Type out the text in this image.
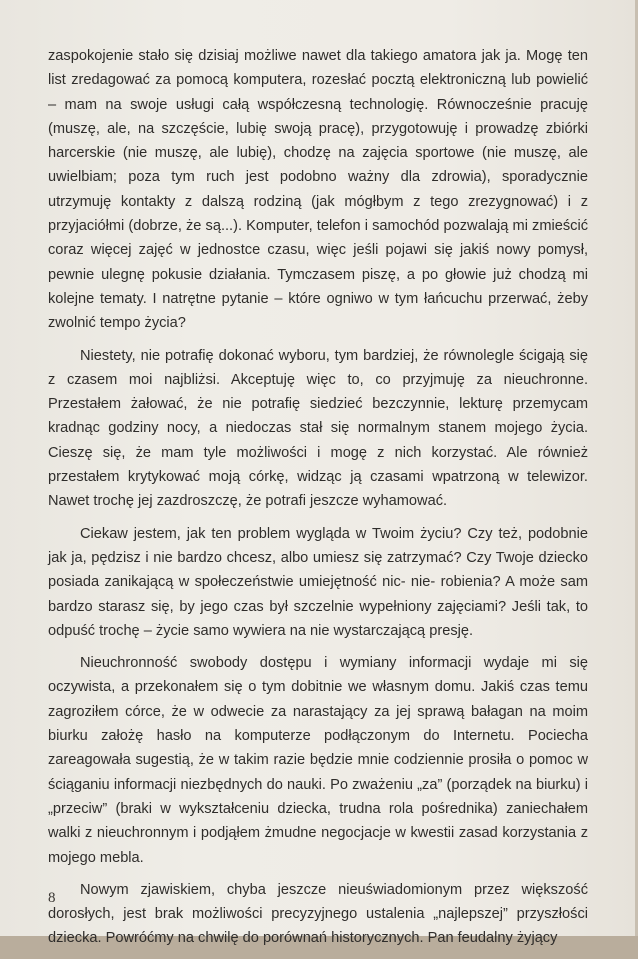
zaspokojenie stało się dzisiaj możliwe nawet dla takiego amatora jak ja. Mogę ten list zredagować za pomocą komputera, rozesłać pocztą elektroniczną lub powielić – mam na swoje usługi całą współczesną technologię. Równocześnie pracuję (muszę, ale, na szczęście, lubię swoją pracę), przygotowuję i prowadzę zbiórki harcerskie (nie muszę, ale lubię), chodzę na zajęcia sportowe (nie muszę, ale uwielbiam; poza tym ruch jest podobno ważny dla zdrowia), sporadycznie utrzymuję kontakty z dalszą rodziną (jak mógłbym z tego zrezygnować) i z przyjaciółmi (dobrze, że są...). Komputer, telefon i samochód pozwalają mi zmieścić coraz więcej zajęć w jednostce czasu, więc jeśli pojawi się jakiś nowy pomysł, pewnie ulegnę pokusie działania. Tymczasem piszę, a po głowie już chodzą mi kolejne tematy. I natrętne pytanie – które ogniwo w tym łańcuchu przerwać, żeby zwolnić tempo życia?

Niestety, nie potrafię dokonać wyboru, tym bardziej, że równolegle ścigają się z czasem moi najbliżsi. Akceptuję więc to, co przyjmuję za nieuchronne. Przestałem żałować, że nie potrafię siedzieć bezczynnie, lekturę przemycam kradnąc godziny nocy, a niedoczas stał się normalnym stanem mojego życia. Cieszę się, że mam tyle możliwości i mogę z nich korzystać. Ale również przestałem krytykować moją córkę, widząc ją czasami wpatrzoną w telewizor. Nawet trochę jej zazdroszczę, że potrafi jeszcze wyhamować.

Ciekaw jestem, jak ten problem wygląda w Twoim życiu? Czy też, podobnie jak ja, pędzisz i nie bardzo chcesz, albo umiesz się zatrzymać? Czy Twoje dziecko posiada zanikającą w społeczeństwie umiejętność nic- nie- robienia? A może sam bardzo starasz się, by jego czas był szczelnie wypełniony zajęciami? Jeśli tak, to odpuść trochę – życie samo wywiera na nie wystarczającą presję.

Nieuchronność swobody dostępu i wymiany informacji wydaje mi się oczywista, a przekonałem się o tym dobitnie we własnym domu. Jakiś czas temu zagroziłem córce, że w odwecie za narastający za jej sprawą bałagan na moim biurku założę hasło na komputerze podłączonym do Internetu. Pociecha zareagowała sugestią, że w takim razie będzie mnie codziennie prosiła o pomoc w ściąganiu informacji niezbędnych do nauki. Po zważeniu „za” (porządek na biurku) i „przeciw” (braki w wykształceniu dziecka, trudna rola pośrednika) zaniechałem walki z nieuchronnym i podjąłem żmudne negocjacje w kwestii zasad korzystania z mojego mebla.

Nowym zjawiskiem, chyba jeszcze nieuświadomionym przez większość dorosłych, jest brak możliwości precyzyjnego ustalenia „najlepszej” przyszłości dziecka. Powróćmy na chwilę do porównań historycznych. Pan feudalny żyjący

8
